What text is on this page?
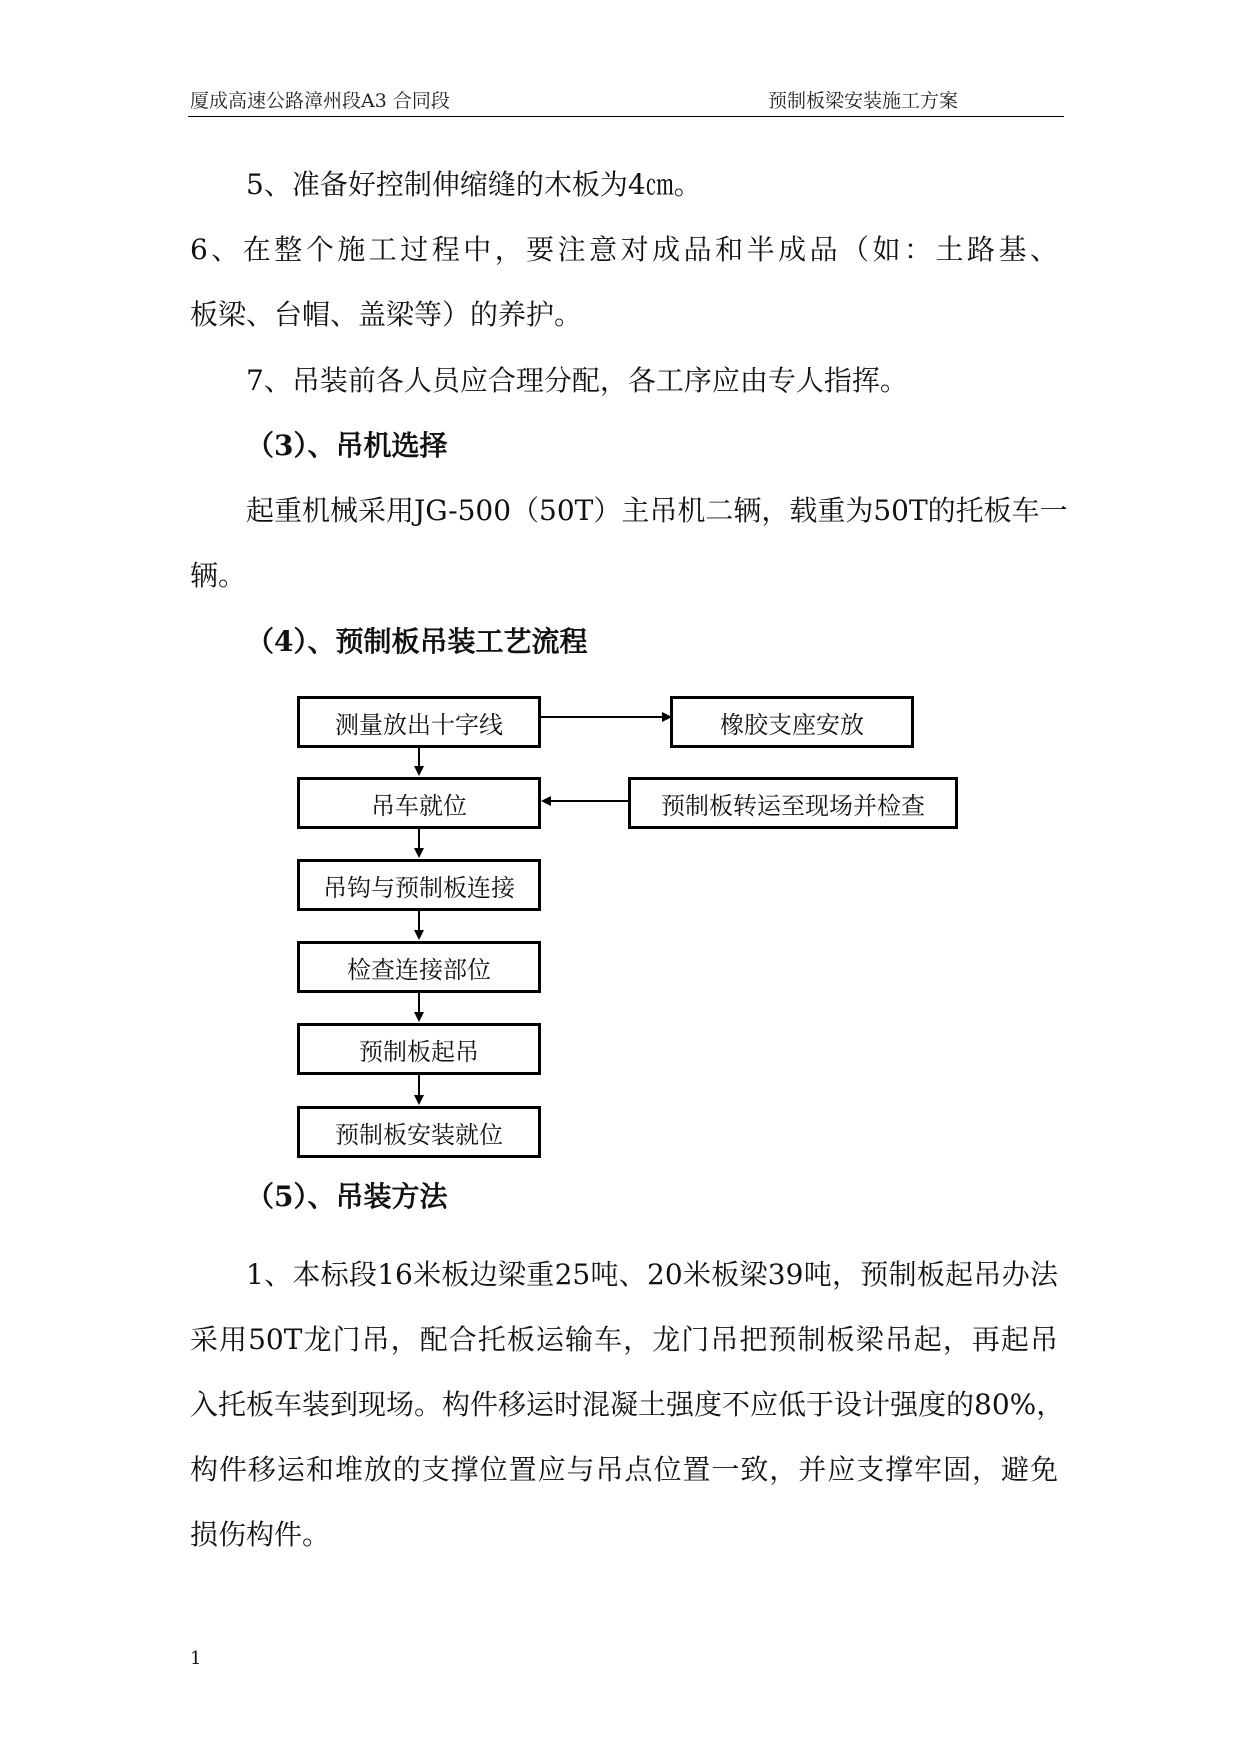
厦成高速公路漳州段A3 合同段	预制板梁安装施工方案
5、准备好控制伸缩缝的木板为4㎝。
6、在整个施工过程中，要注意对成品和半成品（如：土路基、
板梁、台帽、盖梁等）的养护。
7、吊装前各人员应合理分配，各工序应由专人指挥。
（3）、吊机选择
起重机械采用JG-500（50T）主吊机二辆，载重为50T的托板车一
辆。
（4）、预制板吊装工艺流程
测量放出十字线	橡胶支座安放
吊车就位	预制板转运至现场并检查
吊钩与预制板连接
检查连接部位
预制板起吊
预制板安装就位
（5）、吊装方法
1、本标段16米板边梁重25吨、20米板梁39吨，预制板起吊办法
采用50T龙门吊，配合托板运输车，龙门吊把预制板梁吊起，再起吊
入托板车装到现场。构件移运时混凝土强度不应低于设计强度的80%，
构件移运和堆放的支撑位置应与吊点位置一致，并应支撑牢固，避免
损伤构件。
1
